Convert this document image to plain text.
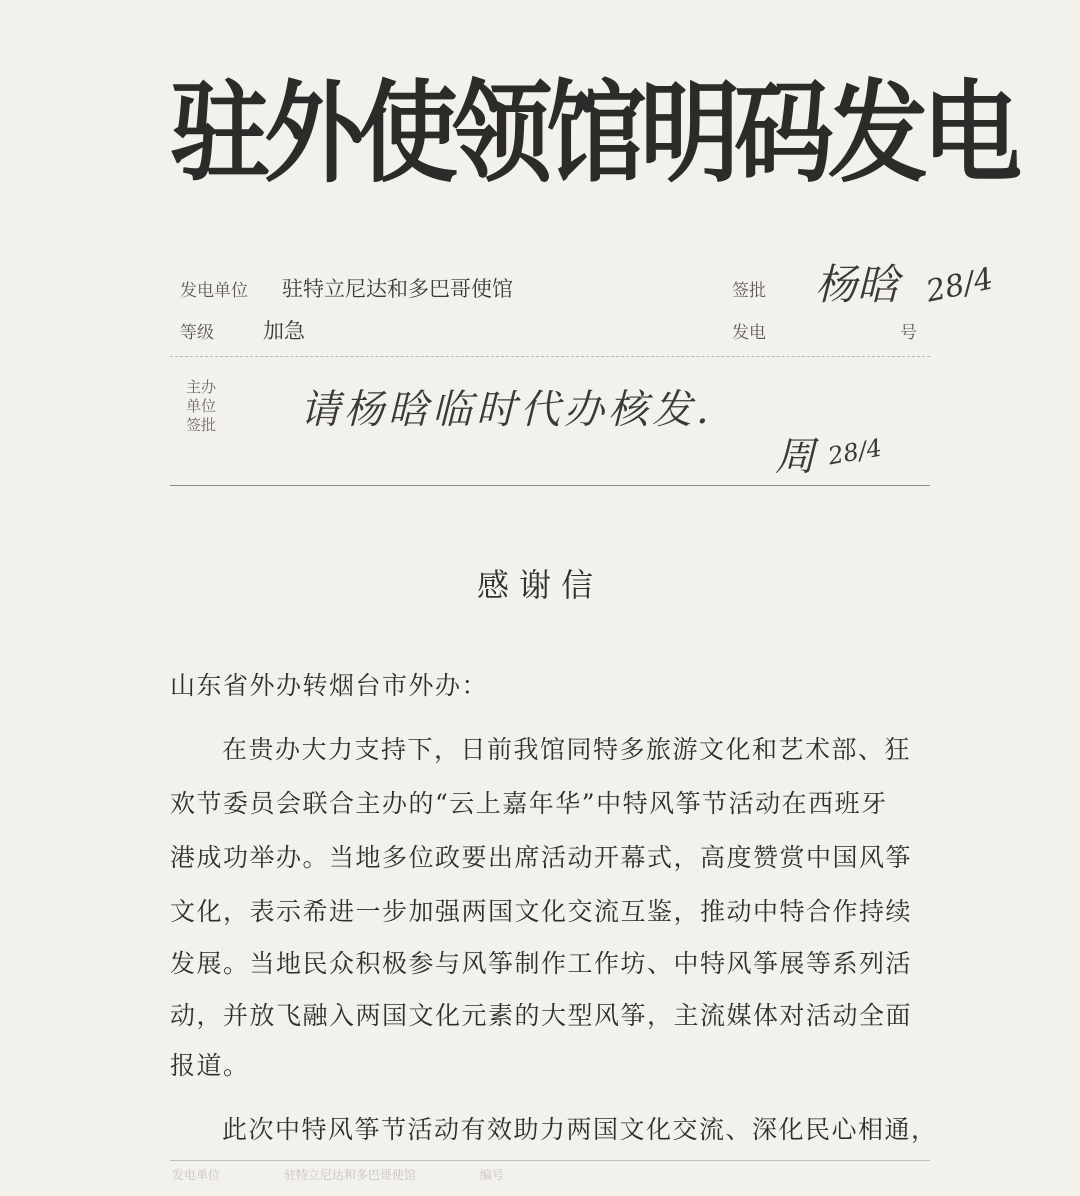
驻外使领馆明码发电
发电单位 驻特立尼达和多巴哥使馆	签批 杨晗 28/4
等级 加急	发电	号
主办
单位
签批 请杨晗临时代办核发.
周 28/4
感谢信
山东省外办转烟台市外办：
在贵办大力支持下，日前我馆同特多旅游文化和艺术部、狂
欢节委员会联合主办的“云上嘉年华”中特风筝节活动在西班牙
港成功举办。当地多位政要出席活动开幕式，高度赞赏中国风筝
文化，表示希进一步加强两国文化交流互鉴，推动中特合作持续
发展。当地民众积极参与风筝制作工作坊、中特风筝展等系列活
动，并放飞融入两国文化元素的大型风筝，主流媒体对活动全面
报道。
此次中特风筝节活动有效助力两国文化交流、深化民心相通，
发电单位	驻特立尼达和多巴哥使馆	编号
